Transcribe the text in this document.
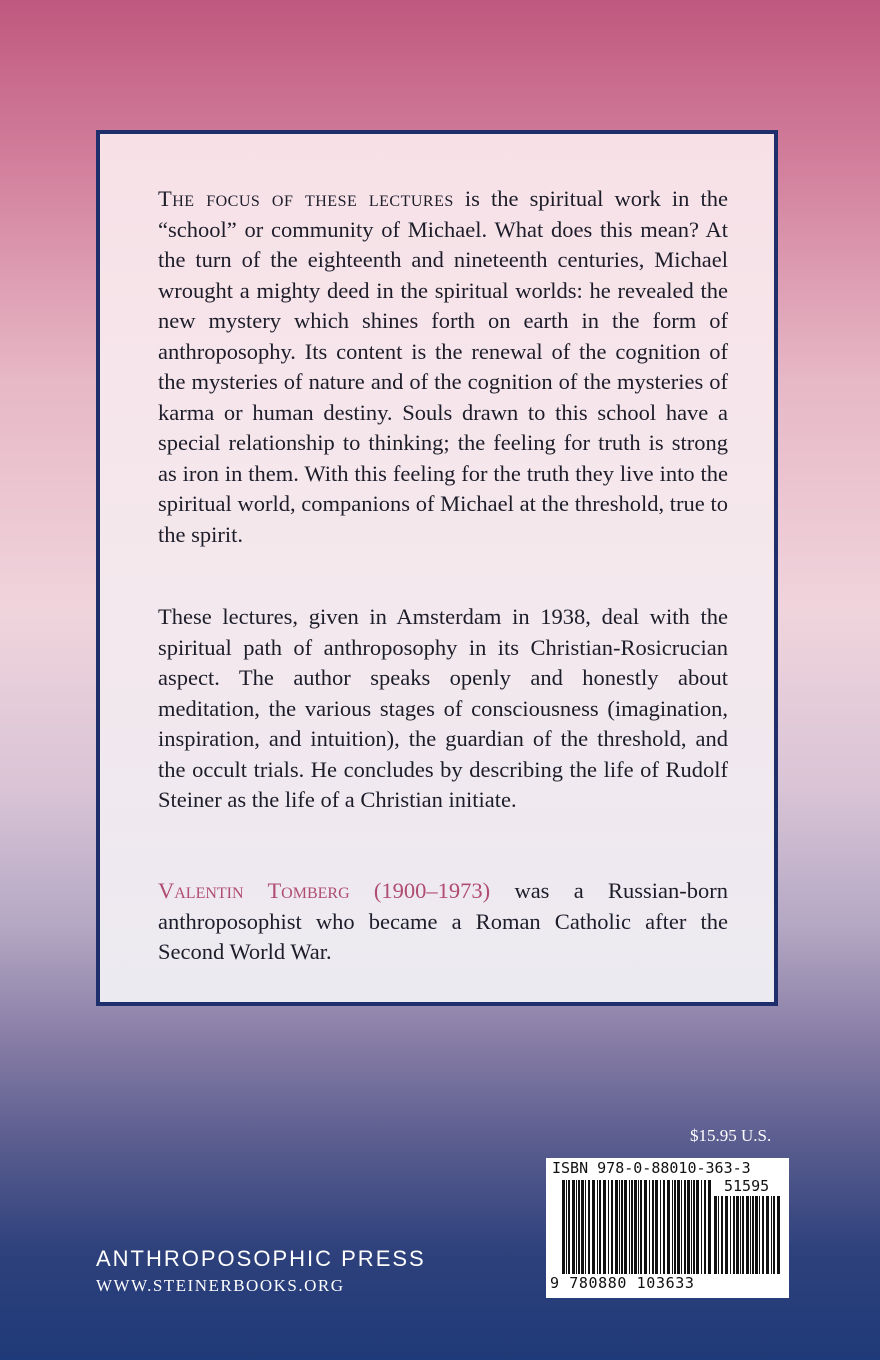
The focus of these lectures is the spiritual work in the “school” or community of Michael. What does this mean? At the turn of the eighteenth and nineteenth centuries, Michael wrought a mighty deed in the spiritual worlds: he revealed the new mystery which shines forth on earth in the form of anthroposophy. Its content is the renewal of the cognition of the mysteries of nature and of the cognition of the mysteries of karma or human destiny. Souls drawn to this school have a special relationship to thinking; the feeling for truth is strong as iron in them. With this feeling for the truth they live into the spiritual world, companions of Michael at the threshold, true to the spirit.
These lectures, given in Amsterdam in 1938, deal with the spiritual path of anthroposophy in its Christian-Rosicrucian aspect. The author speaks openly and honestly about meditation, the various stages of consciousness (imagination, inspiration, and intuition), the guardian of the threshold, and the occult trials. He concludes by describing the life of Rudolf Steiner as the life of a Christian initiate.
Valentin Tomberg (1900–1973) was a Russian-born anthroposophist who became a Roman Catholic after the Second World War.
$15.95 U.S.
ISBN 978-0-88010-363-3
51595
9 780880 103633
ANTHROPOSOPHIC PRESS
WWW.STEINERBOOKS.ORG
